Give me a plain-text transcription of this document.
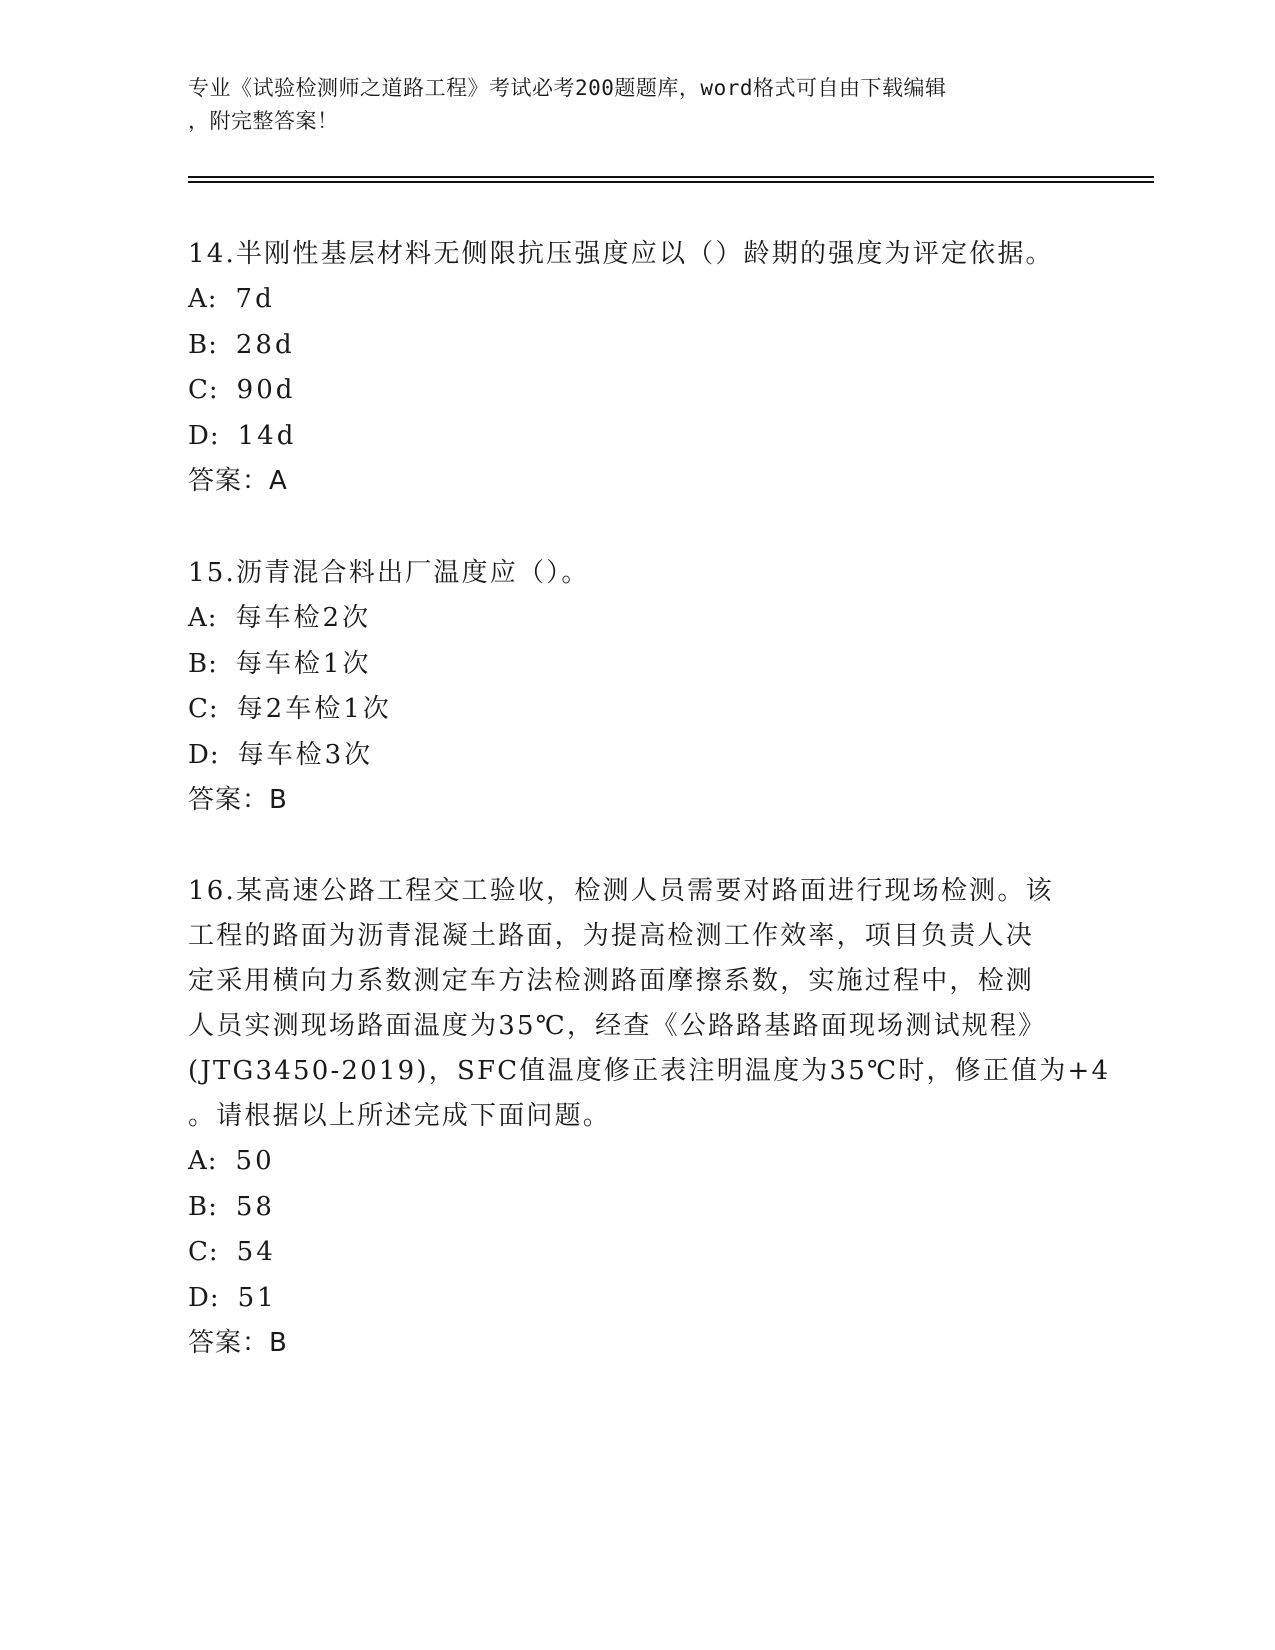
专业《试验检测师之道路工程》考试必考200题题库，word格式可自由下载编辑
，附完整答案！
14.半刚性基层材料无侧限抗压强度应以（）龄期的强度为评定依据。
A: 7d
B: 28d
C: 90d
D: 14d
答案：A
15.沥青混合料出厂温度应（）。
A: 每车检2次
B: 每车检1次
C: 每2车检1次
D: 每车检3次
答案：B
16.某高速公路工程交工验收，检测人员需要对路面进行现场检测。该
工程的路面为沥青混凝土路面，为提高检测工作效率，项目负责人决
定采用横向力系数测定车方法检测路面摩擦系数，实施过程中，检测
人员实测现场路面温度为35℃，经查《公路路基路面现场测试规程》
(JTG3450-2019)，SFC值温度修正表注明温度为35℃时，修正值为+4
。请根据以上所述完成下面问题。
A: 50
B: 58
C: 54
D: 51
答案：B
